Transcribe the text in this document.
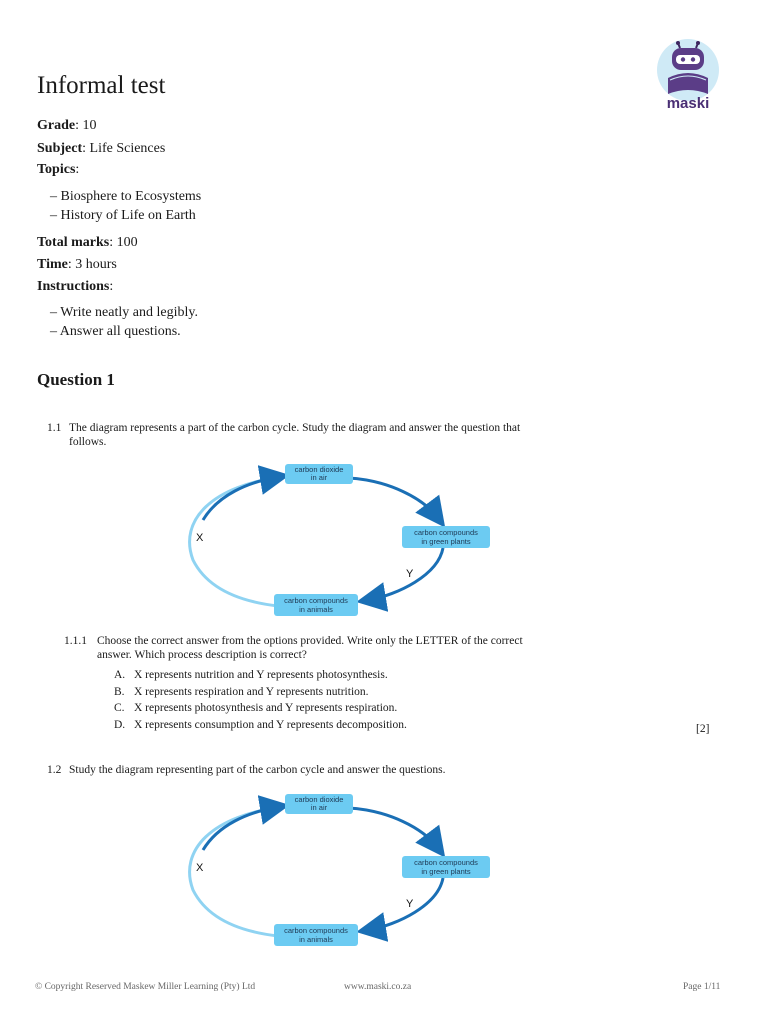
Informal test
maski
Grade: 10
Subject: Life Sciences
Topics:
– Biosphere to Ecosystems
– History of Life on Earth
Total marks: 100
Time: 3 hours
Instructions:
– Write neatly and legibly.
– Answer all questions.
Question 1
1.1 The diagram represents a part of the carbon cycle. Study the diagram and answer the question that
follows.
carbon dioxide
in air
carbon compounds
in green plants
carbon compounds
in animals
X
Y
1.1.1 Choose the correct answer from the options provided. Write only the LETTER of the correct
answer. Which process description is correct?
A. X represents nutrition and Y represents photosynthesis.
B. X represents respiration and Y represents nutrition.
C. X represents photosynthesis and Y represents respiration.
D. X represents consumption and Y represents decomposition.	[2]
1.2 Study the diagram representing part of the carbon cycle and answer the questions.
carbon dioxide
in air
carbon compounds
in green plants
carbon compounds
in animals
X
Y
© Copyright Reserved Maskew Miller Learning (Pty) Ltd	www.maski.co.za	Page 1/11
